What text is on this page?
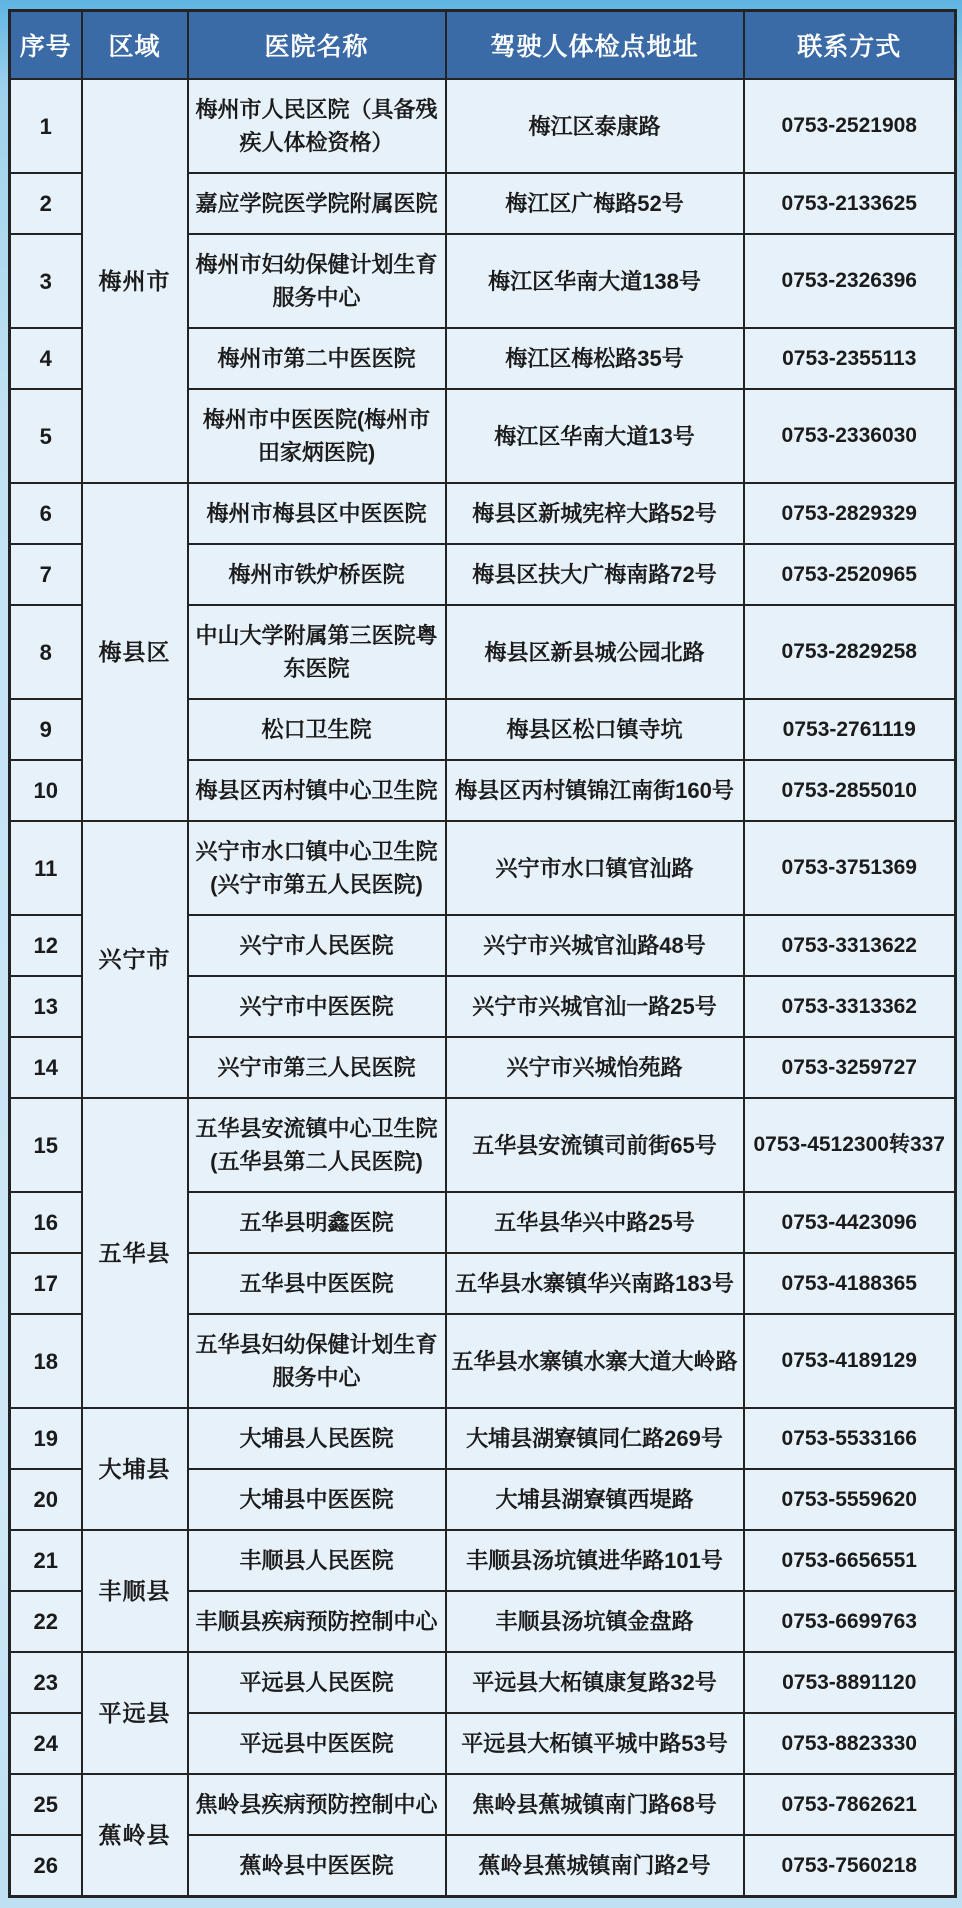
序号	区域	医院名称	驾驶人体检点地址	联系方式
1	梅州市	梅州市人民区院（具备残疾人体检资格）	梅江区泰康路	0753-2521908
2		嘉应学院医学院附属医院	梅江区广梅路52号	0753-2133625
3		梅州市妇幼保健计划生育服务中心	梅江区华南大道138号	0753-2326396
4		梅州市第二中医医院	梅江区梅松路35号	0753-2355113
5		梅州市中医医院(梅州市田家炳医院)	梅江区华南大道13号	0753-2336030
6	梅县区	梅州市梅县区中医医院	梅县区新城宪梓大路52号	0753-2829329
7		梅州市铁炉桥医院	梅县区扶大广梅南路72号	0753-2520965
8		中山大学附属第三医院粤东医院	梅县区新县城公园北路	0753-2829258
9		松口卫生院	梅县区松口镇寺坑	0753-2761119
10		梅县区丙村镇中心卫生院	梅县区丙村镇锦江南街160号	0753-2855010
11	兴宁市	兴宁市水口镇中心卫生院(兴宁市第五人民医院)	兴宁市水口镇官汕路	0753-3751369
12		兴宁市人民医院	兴宁市兴城官汕路48号	0753-3313622
13		兴宁市中医医院	兴宁市兴城官汕一路25号	0753-3313362
14		兴宁市第三人民医院	兴宁市兴城怡苑路	0753-3259727
15	五华县	五华县安流镇中心卫生院(五华县第二人民医院)	五华县安流镇司前街65号	0753-4512300转337
16		五华县明鑫医院	五华县华兴中路25号	0753-4423096
17		五华县中医医院	五华县水寨镇华兴南路183号	0753-4188365
18		五华县妇幼保健计划生育服务中心	五华县水寨镇水寨大道大岭路	0753-4189129
19	大埔县	大埔县人民医院	大埔县湖寮镇同仁路269号	0753-5533166
20		大埔县中医医院	大埔县湖寮镇西堤路	0753-5559620
21	丰顺县	丰顺县人民医院	丰顺县汤坑镇进华路101号	0753-6656551
22		丰顺县疾病预防控制中心	丰顺县汤坑镇金盘路	0753-6699763
23	平远县	平远县人民医院	平远县大柘镇康复路32号	0753-8891120
24		平远县中医医院	平远县大柘镇平城中路53号	0753-8823330
25	蕉岭县	焦岭县疾病预防控制中心	焦岭县蕉城镇南门路68号	0753-7862621
26		蕉岭县中医医院	蕉岭县蕉城镇南门路2号	0753-7560218
